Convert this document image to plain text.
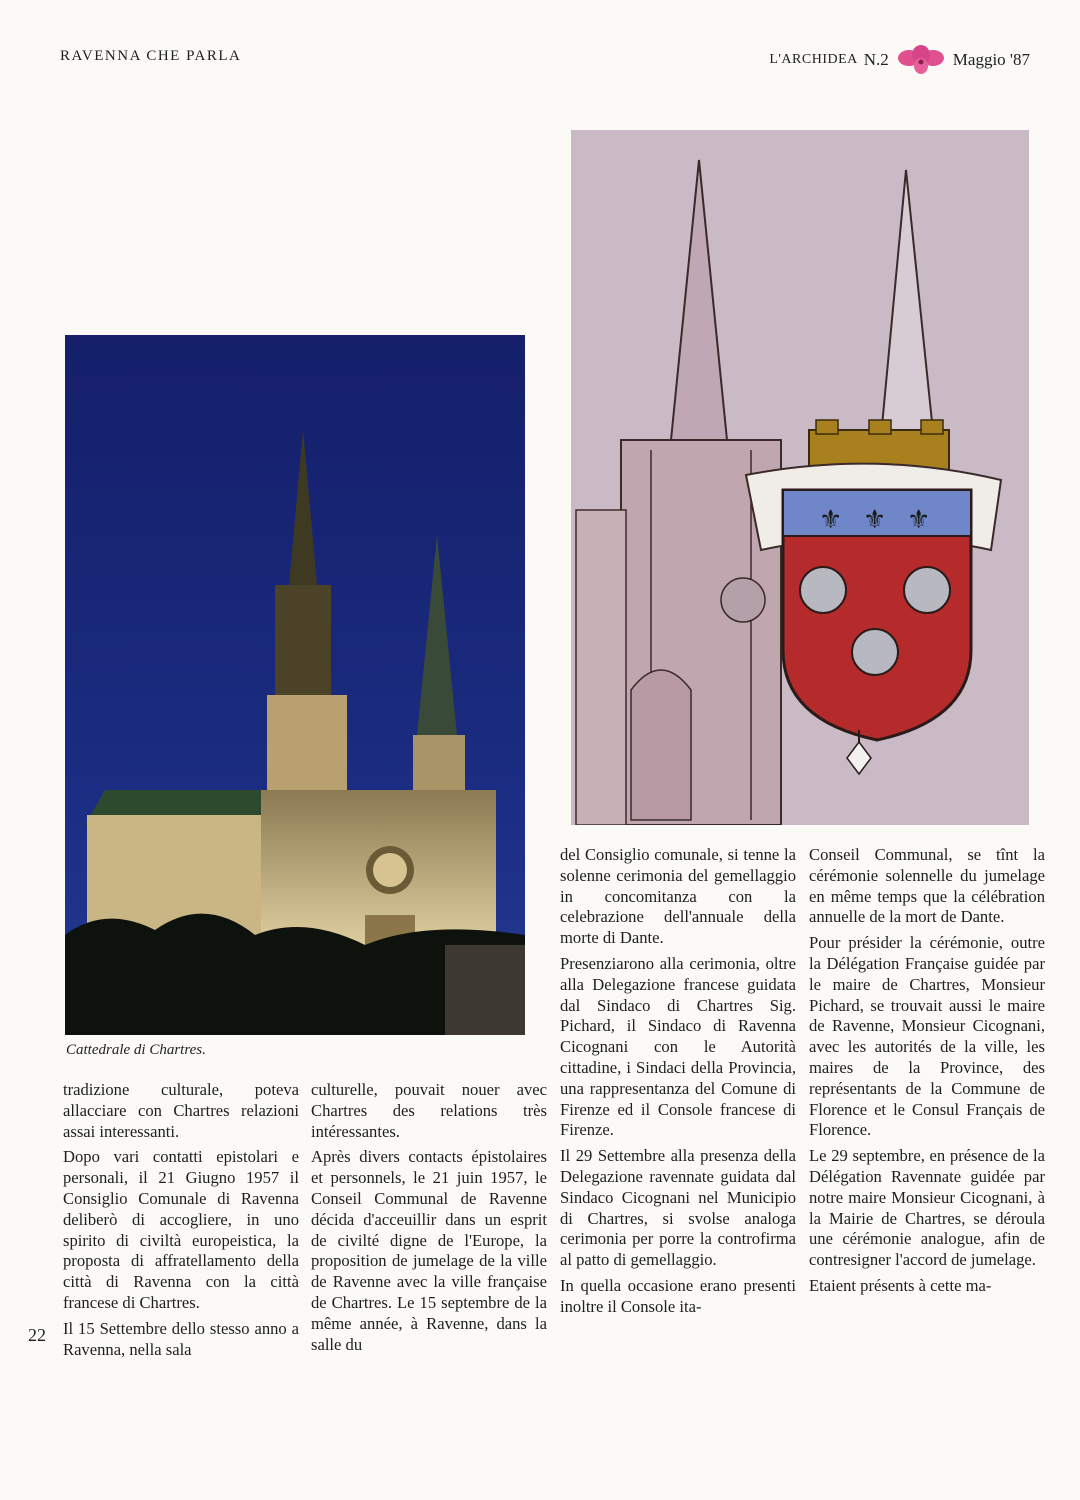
RAVENNA CHE PARLA	L'ARCHIDEA N.2	Maggio '87
Cattedrale di Chartres.
⚜ ⚜ ⚜

tradizione culturale, poteva allacciare con Chartres relazioni assai interessanti.

Dopo vari contatti epistolari e personali, il 21 Giugno 1957 il Consiglio Comunale di Ravenna deliberò di accogliere, in uno spirito di civiltà europeistica, la proposta di affratellamento della città di Ravenna con la città francese di Chartres.

Il 15 Settembre dello stesso anno a Ravenna, nella sala

culturelle, pouvait nouer avec Chartres des relations très intéressantes.

Après divers contacts épistolaires et personnels, le 21 juin 1957, le Conseil Communal de Ravenne décida d'acceuillir dans un esprit de civilté digne de l'Europe, la proposition de jumelage de la ville de Ravenne avec la ville française de Chartres. Le 15 septembre de la même année, à Ravenne, dans la salle du

del Consiglio comunale, si tenne la solenne cerimonia del gemellaggio in concomitanza con la celebrazione dell'annuale della morte di Dante.

Presenziarono alla cerimonia, oltre alla Delegazione francese guidata dal Sindaco di Chartres Sig. Pichard, il Sindaco di Ravenna Cicognani con le Autorità cittadine, i Sindaci della Provincia, una rappresentanza del Comune di Firenze ed il Console francese di Firenze.

Il 29 Settembre alla presenza della Delegazione ravennate guidata dal Sindaco Cicognani nel Municipio di Chartres, si svolse analoga cerimonia per porre la controfirma al patto di gemellaggio.

In quella occasione erano presenti inoltre il Console ita-

Conseil Communal, se tînt la cérémonie solennelle du jumelage en même temps que la célébration annuelle de la mort de Dante.

Pour présider la cérémonie, outre la Délégation Française guidée par le maire de Chartres, Monsieur Pichard, se trouvait aussi le maire de Ravenne, Monsieur Cicognani, avec les autorités de la ville, les maires de la Province, des représentants de la Commune de Florence et le Consul Français de Florence.

Le 29 septembre, en présence de la Délégation Ravennate guidée par notre maire Monsieur Cicognani, à la Mairie de Chartres, se déroula une cérémonie analogue, afin de contresigner l'accord de jumelage.

Etaient présents à cette ma-

22
